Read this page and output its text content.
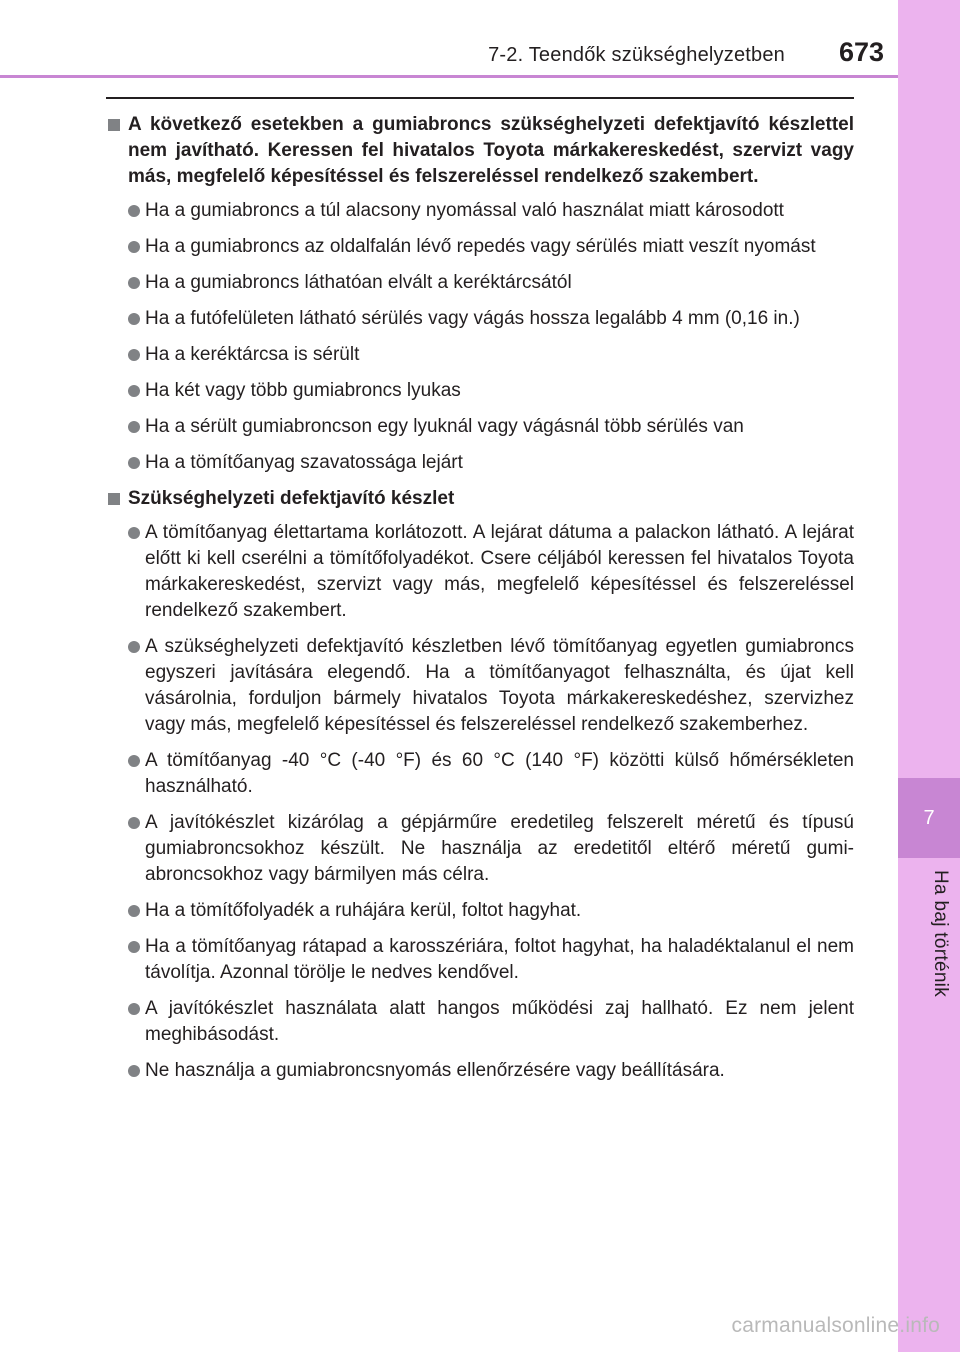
7-2. Teendők szükséghelyzetben 673
7
Ha baj történik

A következő esetekben a gumiabroncs szükséghelyzeti defektjavító készlettel nem javítható. Keressen fel hivatalos Toyota márkakereskedést, szervizt vagy más, megfelelő képesítéssel és felszereléssel rendelkező szakembert.

Ha a gumiabroncs a túl alacsony nyomással való használat miatt károsodott

Ha a gumiabroncs az oldalfalán lévő repedés vagy sérülés miatt veszít nyomást

Ha a gumiabroncs láthatóan elvált a keréktárcsától

Ha a futófelületen látható sérülés vagy vágás hossza legalább 4 mm (0,16 in.)

Ha a keréktárcsa is sérült

Ha két vagy több gumiabroncs lyukas

Ha a sérült gumiabroncson egy lyuknál vagy vágásnál több sérülés van

Ha a tömítőanyag szavatossága lejárt

Szükséghelyzeti defektjavító készlet

A tömítőanyag élettartama korlátozott. A lejárat dátuma a palackon látható. A lejárat előtt ki kell cserélni a tömítőfolyadékot. Csere céljából keressen fel hivatalos Toyota márkakereskedést, szervizt vagy más, megfelelő képesítéssel és felszereléssel rendelkező szakembert.

A szükséghelyzeti defektjavító készletben lévő tömítőanyag egyetlen gumiabroncs egyszeri javítására elegendő. Ha a tömítőanyagot felhasználta, és újat kell vásárolnia, forduljon bármely hivatalos Toyota márkakereskedéshez, szervizhez vagy más, megfelelő képesítéssel és felszereléssel rendelkező szakemberhez.

A tömítőanyag -40 °C (-40 °F) és 60 °C (140 °F) közötti külső hőmérsékleten használható.

A javítókészlet kizárólag a gépjárműre eredetileg felszerelt méretű és típusú gumiabroncsokhoz készült. Ne használja az eredetitől eltérő méretű gumiabroncsokhoz vagy bármilyen más célra.

Ha a tömítőfolyadék a ruhájára kerül, foltot hagyhat.

Ha a tömítőanyag rátapad a karosszériára, foltot hagyhat, ha haladéktalanul el nem távolítja. Azonnal törölje le nedves kendővel.

A javítókészlet használata alatt hangos működési zaj hallható. Ez nem jelent meghibásodást.

Ne használja a gumiabroncsnyomás ellenőrzésére vagy beállítására.

carmanualsonline.info
